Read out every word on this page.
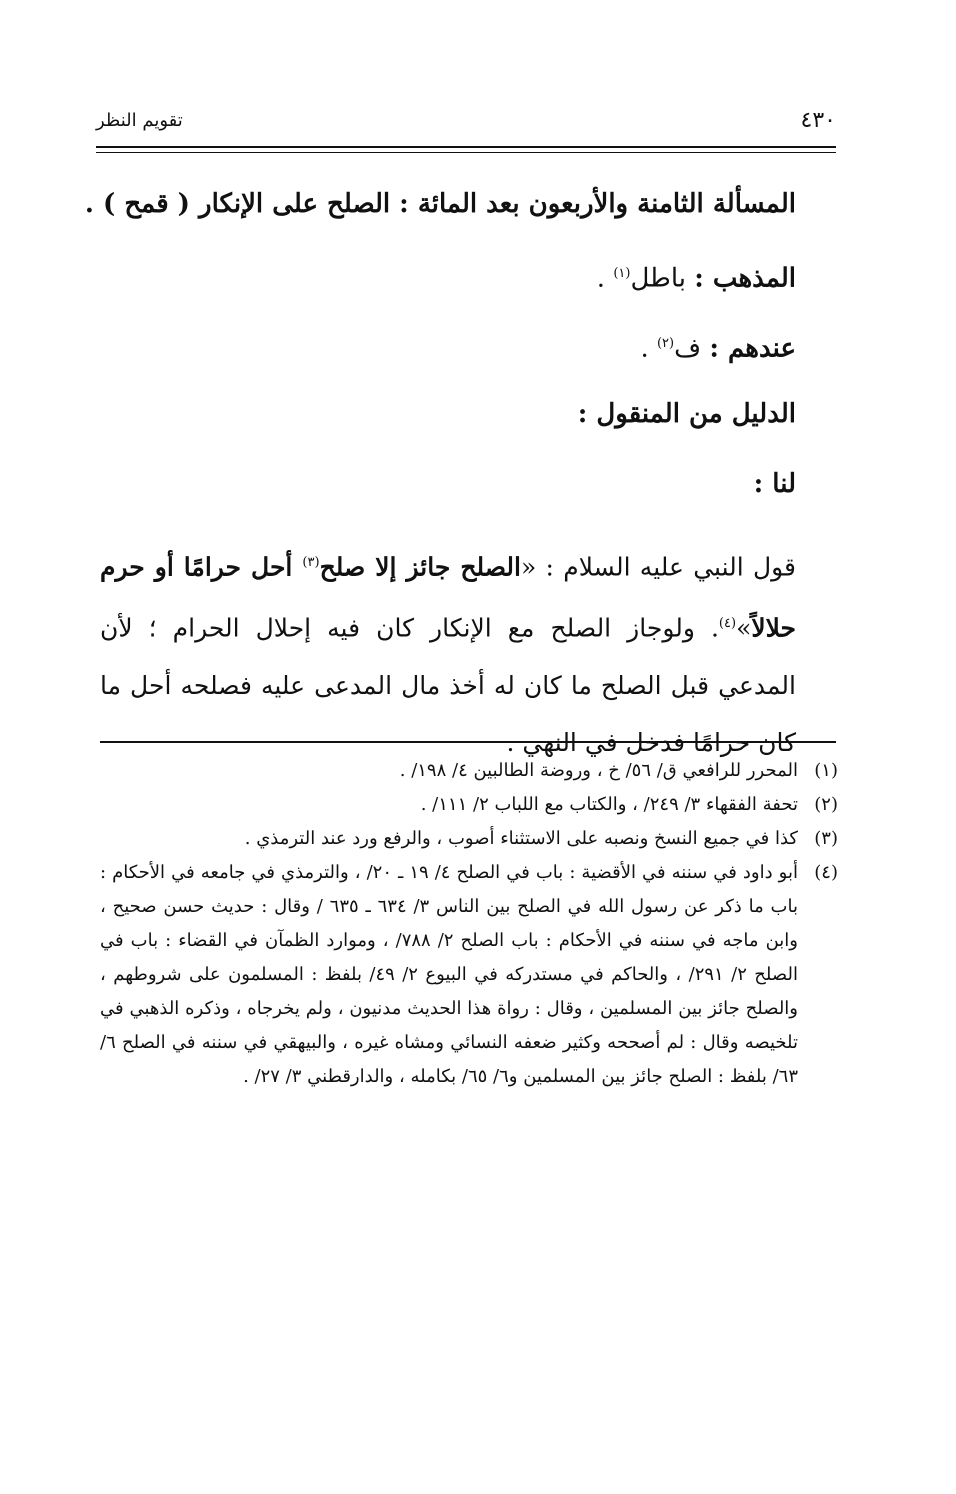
٤٣٠
تقويم النظر
المسألة الثامنة والأربعون بعد المائة : الصلح على الإنكار ( قمح ) .
المذهب : باطل$^{(١)}$ .
عندهم : ف$^{(٢)}$ .
الدليل من المنقول :
لنا :
قول النبي عليه السلام : «الصلح جائز إلا صلح$^{(٣)}$ أحل حرامًا أو حرم حلالاً»$^{(٤)}$. ولوجاز الصلح مع الإنكار كان فيه إحلال الحرام ؛ لأن المدعي قبل الصلح ما كان له أخذ مال المدعى عليه فصلحه أحل ما كان حرامًا فدخل في النهي .
(١)
المحرر للرافعي ق/ ٥٦/ خ ، وروضة الطالبين ٤/ ١٩٨/ .
(٢)
تحفة الفقهاء ٣/ ٢٤٩/ ، والكتاب مع اللباب ٢/ ١١١/ .
(٣)
كذا في جميع النسخ ونصبه على الاستثناء أصوب ، والرفع ورد عند الترمذي .
(٤)
أبو داود في سننه في الأقضية : باب في الصلح ٤/ ١٩ ـ ٢٠/ ، والترمذي في جامعه في الأحكام : باب ما ذكر عن رسول الله في الصلح بين الناس ٣/ ٦٣٤ ـ ٦٣٥ / وقال : حديث حسن صحيح ، وابن ماجه في سننه في الأحكام : باب الصلح ٢/ ٧٨٨/ ، وموارد الظمآن في القضاء : باب في الصلح ٢/ ٢٩١/ ، والحاكم في مستدركه في البيوع ٢/ ٤٩/ بلفظ : المسلمون على شروطهم ، والصلح جائز بين المسلمين ، وقال : رواة هذا الحديث مدنيون ، ولم يخرجاه ، وذكره الذهبي في تلخيصه وقال : لم أصححه وكثير ضعفه النسائي ومشاه غيره ، والبيهقي في سننه في الصلح ٦/ ٦٣/ بلفظ : الصلح جائز بين المسلمين و٦/ ٦٥/ بكامله ، والدارقطني ٣/ ٢٧/ .
